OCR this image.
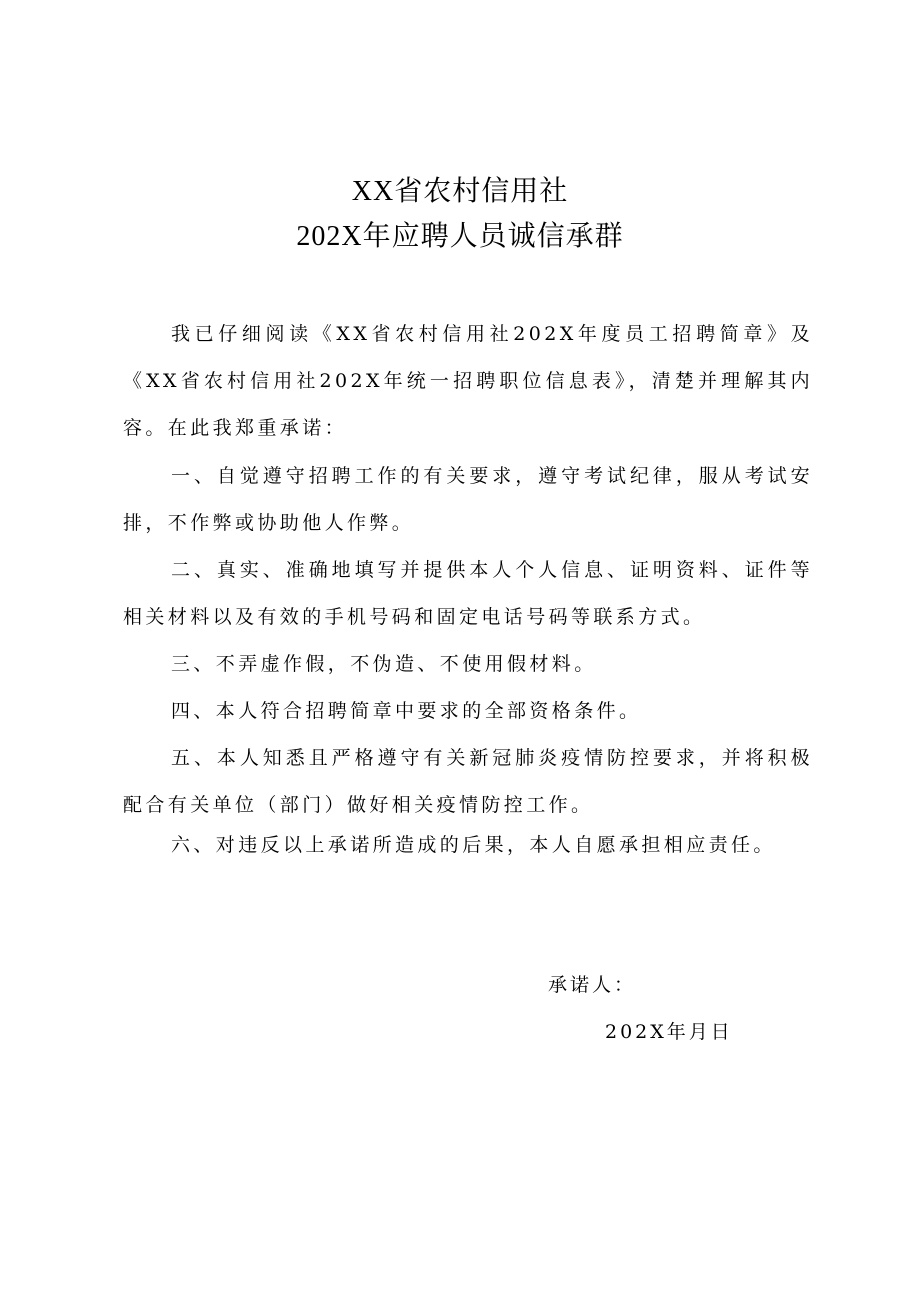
XX省农村信用社
202X年应聘人员诚信承群

我已仔细阅读《XX省农村信用社202X年度员工招聘简章》及《XX省农村信用社202X年统一招聘职位信息表》，清楚并理解其内容。在此我郑重承诺：

一、自觉遵守招聘工作的有关要求，遵守考试纪律，服从考试安排，不作弊或协助他人作弊。

二、真实、准确地填写并提供本人个人信息、证明资料、证件等相关材料以及有效的手机号码和固定电话号码等联系方式。

三、不弄虚作假，不伪造、不使用假材料。

四、本人符合招聘简章中要求的全部资格条件。

五、本人知悉且严格遵守有关新冠肺炎疫情防控要求，并将积极配合有关单位（部门）做好相关疫情防控工作。

六、对违反以上承诺所造成的后果，本人自愿承担相应责任。

承诺人：
202X年月日
